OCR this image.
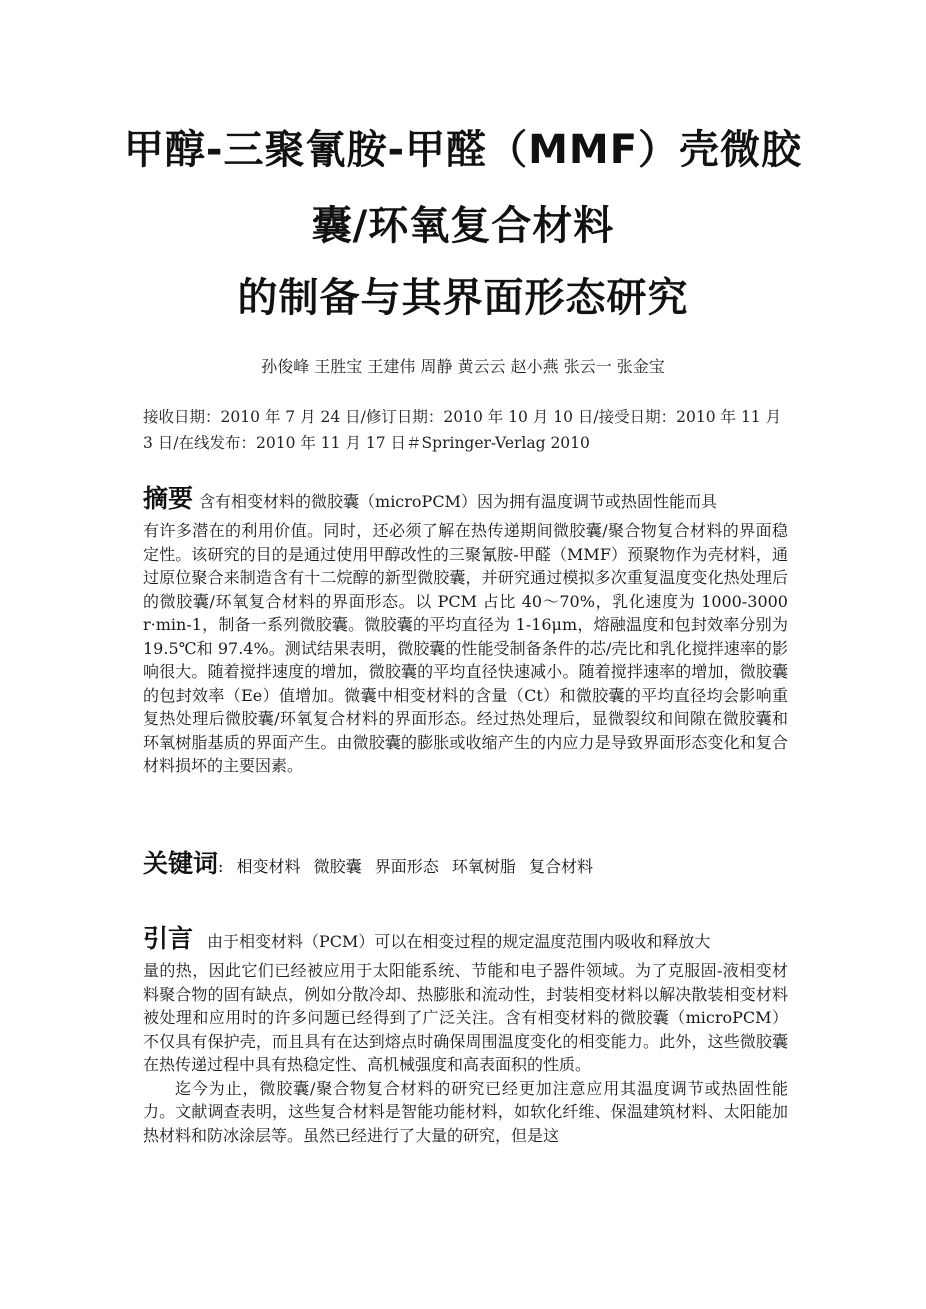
甲醇-三聚氰胺-甲醛（MMF）壳微胶
囊/环氧复合材料
的制备与其界面形态研究
孙俊峰 王胜宝 王建伟 周静 黄云云 赵小燕 张云一 张金宝
接收日期：2010 年 7 月 24 日/修订日期：2010 年 10 月 10 日/接受日期：2010 年 11 月 3 日/在线发布：2010 年 11 月 17 日＃Springer-Verlag 2010
摘要 含有相变材料的微胶囊（microPCM）因为拥有温度调节或热固性能而具
有许多潜在的利用价值。同时，还必须了解在热传递期间微胶囊/聚合物复合材料的界面稳定性。该研究的目的是通过使用甲醇改性的三聚氰胺-甲醛（MMF）预聚物作为壳材料，通过原位聚合来制造含有十二烷醇的新型微胶囊，并研究通过模拟多次重复温度变化热处理后的微胶囊/环氧复合材料的界面形态。以 PCM 占比 40～70%，乳化速度为 1000-3000 r·min-1，制备一系列微胶囊。微胶囊的平均直径为 1-16μm，熔融温度和包封效率分别为 19.5℃和 97.4%。测试结果表明，微胶囊的性能受制备条件的芯/壳比和乳化搅拌速率的影响很大。随着搅拌速度的增加，微胶囊的平均直径快速减小。随着搅拌速率的增加，微胶囊的包封效率（Ee）值增加。微囊中相变材料的含量（Ct）和微胶囊的平均直径均会影响重复热处理后微胶囊/环氧复合材料的界面形态。经过热处理后，显微裂纹和间隙在微胶囊和环氧树脂基质的界面产生。由微胶囊的膨胀或收缩产生的内应力是导致界面形态变化和复合材料损坏的主要因素。
关键词: 相变材料 微胶囊 界面形态 环氧树脂 复合材料
引言 由于相变材料（PCM）可以在相变过程的规定温度范围内吸收和释放大
量的热，因此它们已经被应用于太阳能系统、节能和电子器件领域。为了克服固-液相变材料聚合物的固有缺点，例如分散冷却、热膨胀和流动性，封装相变材料以解决散装相变材料被处理和应用时的许多问题已经得到了广泛关注。含有相变材料的微胶囊（microPCM）不仅具有保护壳，而且具有在达到熔点时确保周围温度变化的相变能力。此外，这些微胶囊在热传递过程中具有热稳定性、高机械强度和高表面积的性质。
迄今为止，微胶囊/聚合物复合材料的研究已经更加注意应用其温度调节或热固性能力。文献调查表明，这些复合材料是智能功能材料，如软化纤维、保温建筑材料、太阳能加热材料和防冰涂层等。虽然已经进行了大量的研究，但是这
